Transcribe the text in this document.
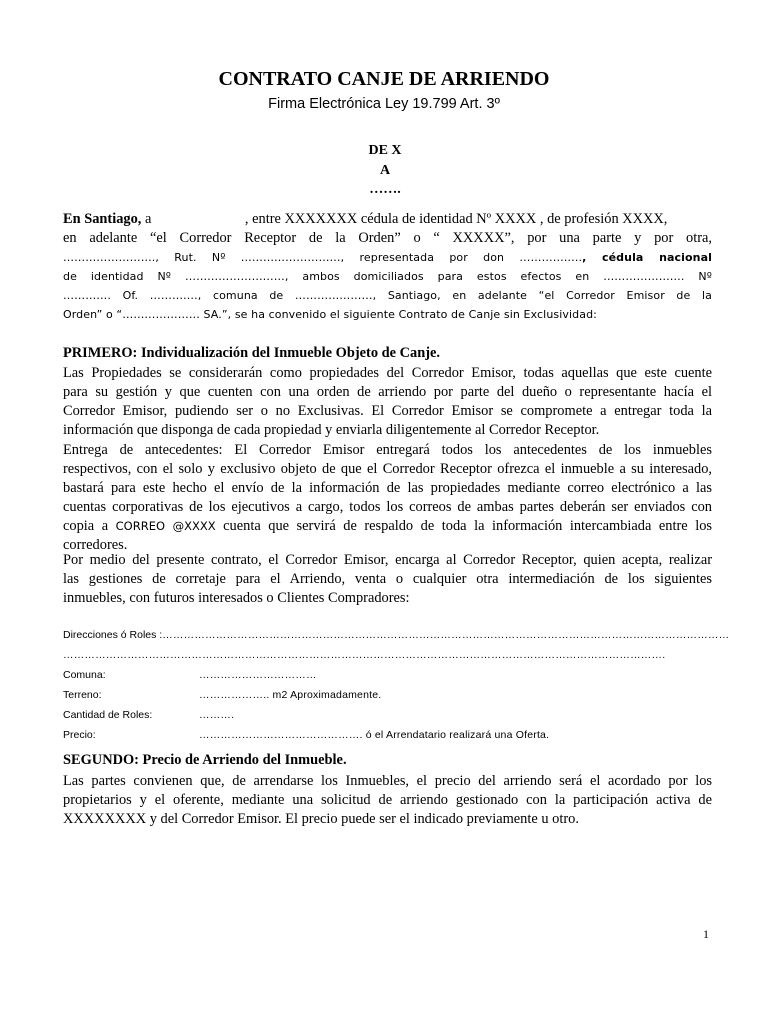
CONTRATO CANJE DE ARRIENDO
Firma Electrónica Ley 19.799 Art. 3º
DE X
A
…….
En Santiago, a                          , entre XXXXXXX cédula de identidad Nº XXXX , de profesión XXXX,
en adelante “el Corredor Receptor de la Orden” o “ XXXXX”, por una parte y por otra,
……………………., Rut. Nº ………………………, representada por don …………….., cédula nacional
de identidad Nº ………………………, ambos domiciliados para estos efectos en …………………. Nº
…………. Of. …………., comuna de …………………, Santiago, en adelante “el Corredor Emisor de la
Orden” o “………………… SA.”, se ha convenido el siguiente Contrato de Canje sin Exclusividad:
PRIMERO: Individualización del Inmueble Objeto de Canje.
Las Propiedades se considerarán como propiedades del Corredor Emisor, todas aquellas que este cuente
para su gestión y que cuenten con una orden de arriendo por parte del dueño o representante hacía el
Corredor Emisor, pudiendo ser o no Exclusivas. El Corredor Emisor se compromete a entregar toda la
información que disponga de cada propiedad y enviarla diligentemente al Corredor Receptor.
Entrega de antecedentes: El Corredor Emisor entregará todos los antecedentes de los inmuebles
respectivos, con el solo y exclusivo objeto de que el Corredor Receptor ofrezca el inmueble a su interesado,
bastará para este hecho el envío de la información de las propiedades mediante correo electrónico a las
cuentas corporativas de los ejecutivos a cargo, todos los correos de ambas partes deberán ser enviados con
copia a CORREO @XXXX cuenta que servirá de respaldo de toda la información intercambiada entre los
corredores.
Por medio del presente contrato, el Corredor Emisor, encarga al Corredor Receptor, quien acepta, realizar
las gestiones de corretaje para el Arriendo, venta o cualquier otra intermediación de los siguientes
inmuebles, con futuros interesados o Clientes Compradores:
Direcciones ó Roles :……………………………………………………………………………………………………………………………………………
…………………………………………………………………………………………………………………………………………………….
Comuna:	……………………………
Terreno:	……………….. m2 Aproximadamente.
Cantidad de Roles:	……….
Precio:	………………………………………. ó el Arrendatario realizará una Oferta.
SEGUNDO: Precio de Arriendo del Inmueble.
Las partes convienen que, de arrendarse los Inmuebles, el precio del arriendo será el acordado por los
propietarios y el oferente, mediante una solicitud de arriendo gestionado con la participación activa de
XXXXXXXX y del Corredor Emisor. El precio puede ser el indicado previamente u otro.
1
